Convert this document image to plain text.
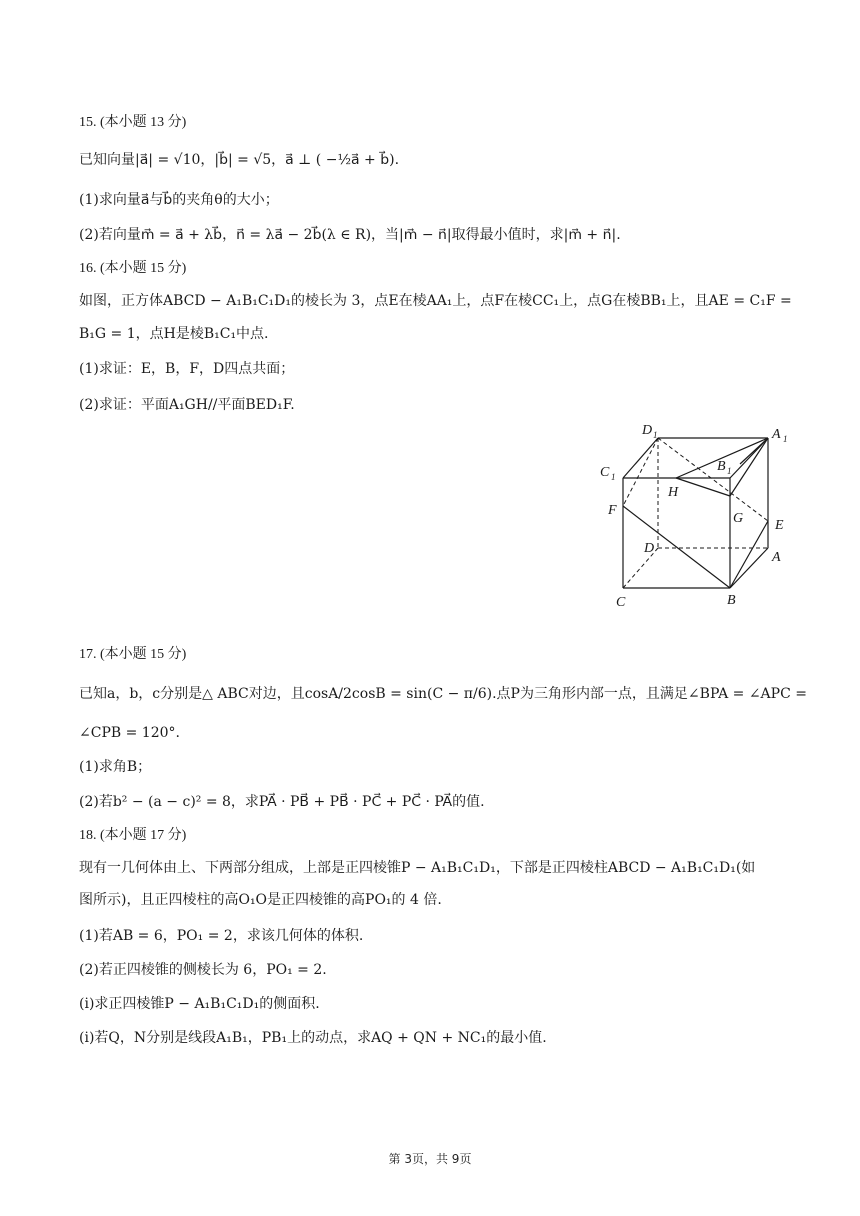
15. (本小题 13 分)
已知向量|a⃗| = √10，|b⃗| = √5，a⃗ ⊥ ( −½a⃗ + b⃗).
(1)求向量a⃗与b⃗的夹角θ的大小；
(2)若向量m⃗ = a⃗ + λb⃗，n⃗ = λa⃗ − 2b⃗(λ ∈ R)，当|m⃗ − n⃗|取得最小值时，求|m⃗ + n⃗|.
16. (本小题 15 分)
如图，正方体ABCD − A₁B₁C₁D₁的棱长为 3，点E在棱AA₁上，点F在棱CC₁上，点G在棱BB₁上，且AE = C₁F =
B₁G = 1，点H是棱B₁C₁中点.
(1)求证：E，B，F，D四点共面；
(2)求证：平面A₁GH//平面BED₁F.
D 1	A 1
C 1
B 1
H
F
G E
D
A
C	B
17. (本小题 15 分)
已知a，b，c分别是△ ABC对边，且cosA/2cosB = sin(C − π/6).点P为三角形内部一点，且满足∠BPA = ∠APC =
∠CPB = 120°.
(1)求角B；
(2)若b² − (a − c)² = 8，求PA⃗ · PB⃗ + PB⃗ · PC⃗ + PC⃗ · PA⃗的值.
18. (本小题 17 分)
现有一几何体由上、下两部分组成，上部是正四棱锥P − A₁B₁C₁D₁，下部是正四棱柱ABCD − A₁B₁C₁D₁(如
图所示)，且正四棱柱的高O₁O是正四棱锥的高PO₁的 4 倍.
(1)若AB = 6，PO₁ = 2，求该几何体的体积.
(2)若正四棱锥的侧棱长为 6，PO₁ = 2.
(i)求正四棱锥P − A₁B₁C₁D₁的侧面积.
(i)若Q，N分别是线段A₁B₁，PB₁上的动点，求AQ + QN + NC₁的最小值.
第 3页，共 9页
